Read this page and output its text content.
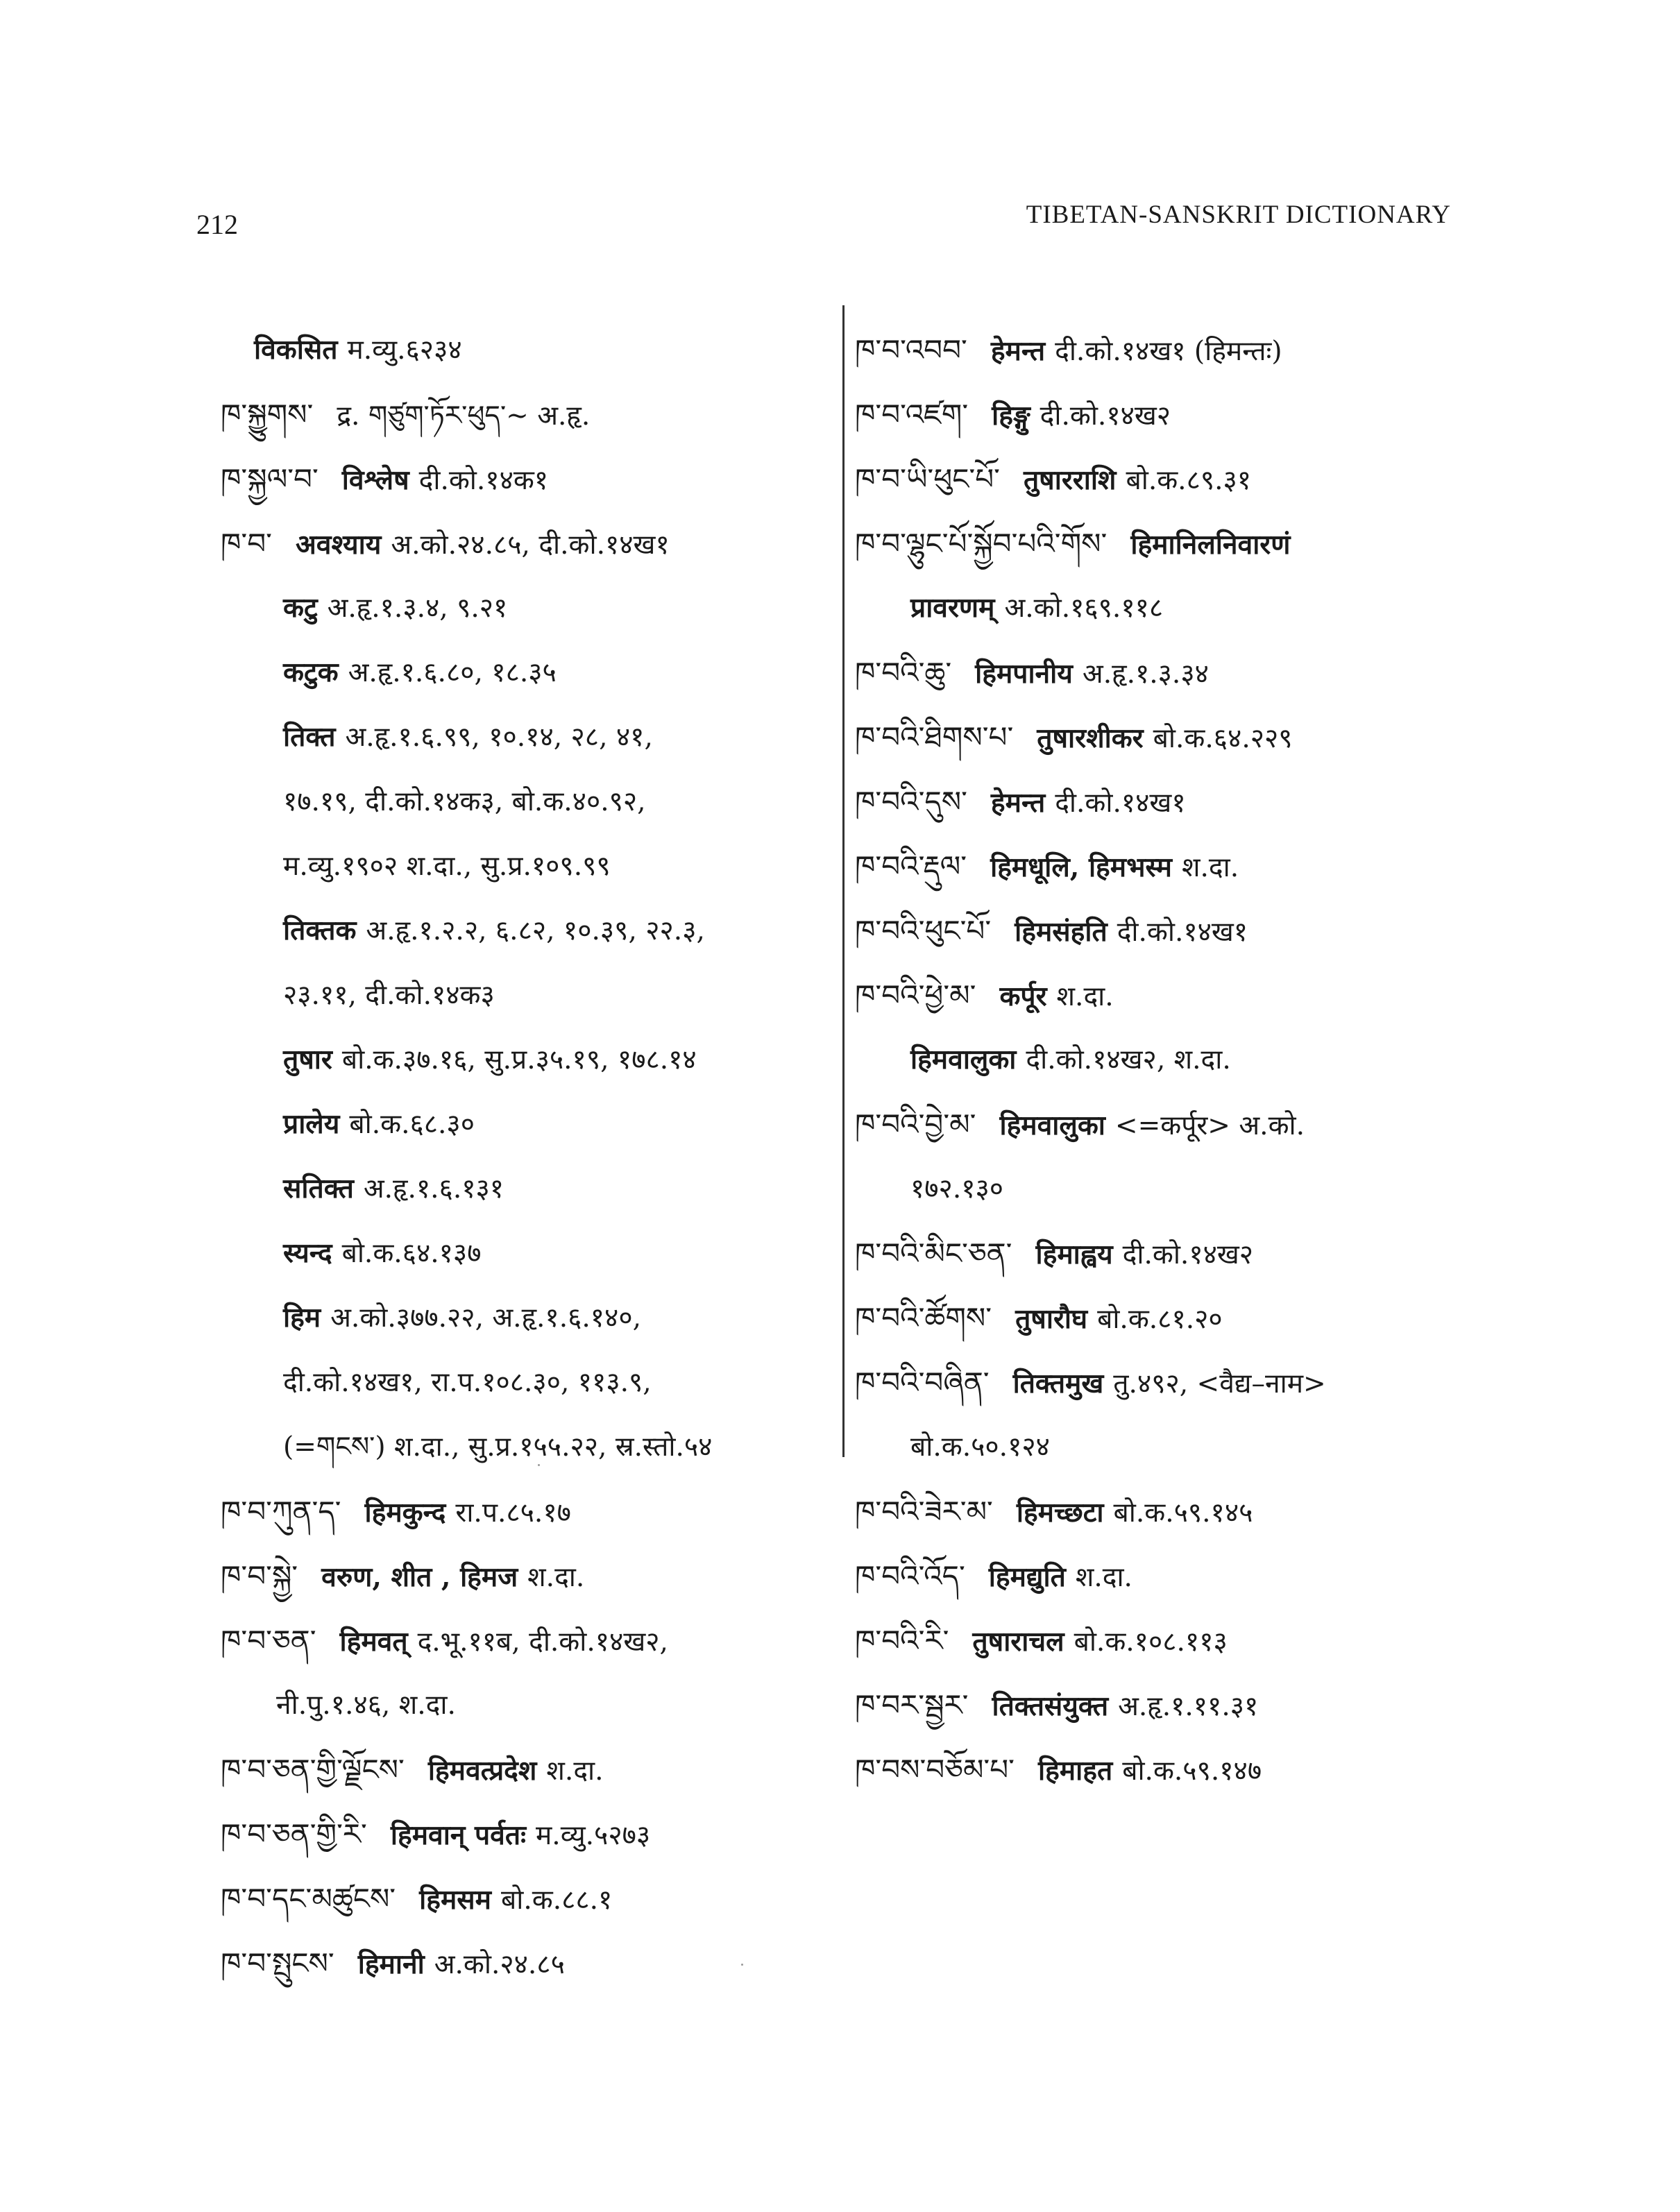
212	TIBETAN-SANSKRIT DICTIONARY
विकसित म.व्यु.६२३४
ཁ་སྐྱུགས་ द्र. གཙུག་ཏོར་ཕུད་~ अ.हृ.
ཁ་སྐྱལ་བ་ विश्लेष दी.को.१४क१
ཁ་བ་ अवश्याय अ.को.२४.८५, दी.को.१४ख१
कटु अ.हृ.१.३.४, ९.२१
कटुक अ.हृ.१.६.८०, १८.३५
तिक्त अ.हृ.१.६.९९, १०.१४, २८, ४१,
१७.१९, दी.को.१४क३, बो.क.४०.९२,
म.व्यु.१९०२ श.दा., सु.प्र.१०९.९९
तिक्तक अ.हृ.१.२.२, ६.८२, १०.३९, २२.३,
२३.११, दी.को.१४क३
तुषार बो.क.३७.१६, सु.प्र.३५.१९, १७८.१४
प्रालेय बो.क.६८.३०
सतिक्त अ.हृ.१.६.१३१
स्यन्द बो.क.६४.१३७
हिम अ.को.३७७.२२, अ.हृ.१.६.१४०,
दी.को.१४ख१, रा.प.१०८.३०, ११३.९,
(=གངས་) श.दा., सु.प्र.१५५.२२, स्र.स्तो.५४
ཁ་བ་ཀུན་ད་ हिमकुन्द रा.प.८५.१७
ཁ་བ་སྐྱེ་ वरुण, शीत , हिमज श.दा.
ཁ་བ་ཅན་ हिमवत् द.भू.११ब, दी.को.१४ख२,
नी.पु.१.४६, श.दा.
ཁ་བ་ཅན་གྱི་ལྗོངས་ हिमवत्प्रदेश श.दा.
ཁ་བ་ཅན་གྱི་རི་ हिमवान् पर्वतः म.व्यु.५२७३
ཁ་བ་དང་མཚུངས་ हिमसम बो.क.८८.१
ཁ་བ་སྤུངས་ हिमानी अ.को.२४.८५
ཁ་བ་འབབ་ हेमन्त दी.को.१४ख१ (हिमन्तः)
ཁ་བ་འཛག་ हिङ्गु दी.को.१४ख२
ཁ་བ་ཡི་ཕུང་པོ་ तुषारराशि बो.क.८९.३१
ཁ་བ་ལྷུང་པོ་སྐྱོབ་པའི་གོས་ हिमानिलनिवारणं
प्रावरणम् अ.को.१६९.११८
ཁ་བའི་ཆུ་ हिमपानीय अ.हृ.१.३.३४
ཁ་བའི་ཐིགས་པ་ तुषारशीकर बो.क.६४.२२९
ཁ་བའི་དུས་ हेमन्त दी.को.१४ख१
ཁ་བའི་རྡུལ་ हिमधूलि, हिमभस्म श.दा.
ཁ་བའི་ཕུང་པོ་ हिमसंहति दी.को.१४ख१
ཁ་བའི་ཕྱེ་མ་ कर्पूर श.दा.
हिमवालुका दी.को.१४ख२, श.दा.
ཁ་བའི་བྱེ་མ་ हिमवालुका <=कर्पूर> अ.को.
१७२.१३०
ཁ་བའི་མིང་ཅན་ हिमाह्वय दी.को.१४ख२
ཁ་བའི་ཚོགས་ तुषारौघ बो.क.८१.२०
ཁ་བའི་བཞིན་ तिक्तमुख तु.४९२, <वैद्य–नाम>
बो.क.५०.१२४
ཁ་བའི་ཟེར་མ་ हिमच्छटा बो.क.५९.१४५
ཁ་བའི་འོད་ हिमद्युति श.दा.
ཁ་བའི་རི་ तुषाराचल बो.क.१०८.११३
ཁ་བར་སྦྱར་ तिक्तसंयुक्त अ.हृ.१.११.३१
ཁ་བས་བཅོམ་པ་ हिमाहत बो.क.५९.१४७
